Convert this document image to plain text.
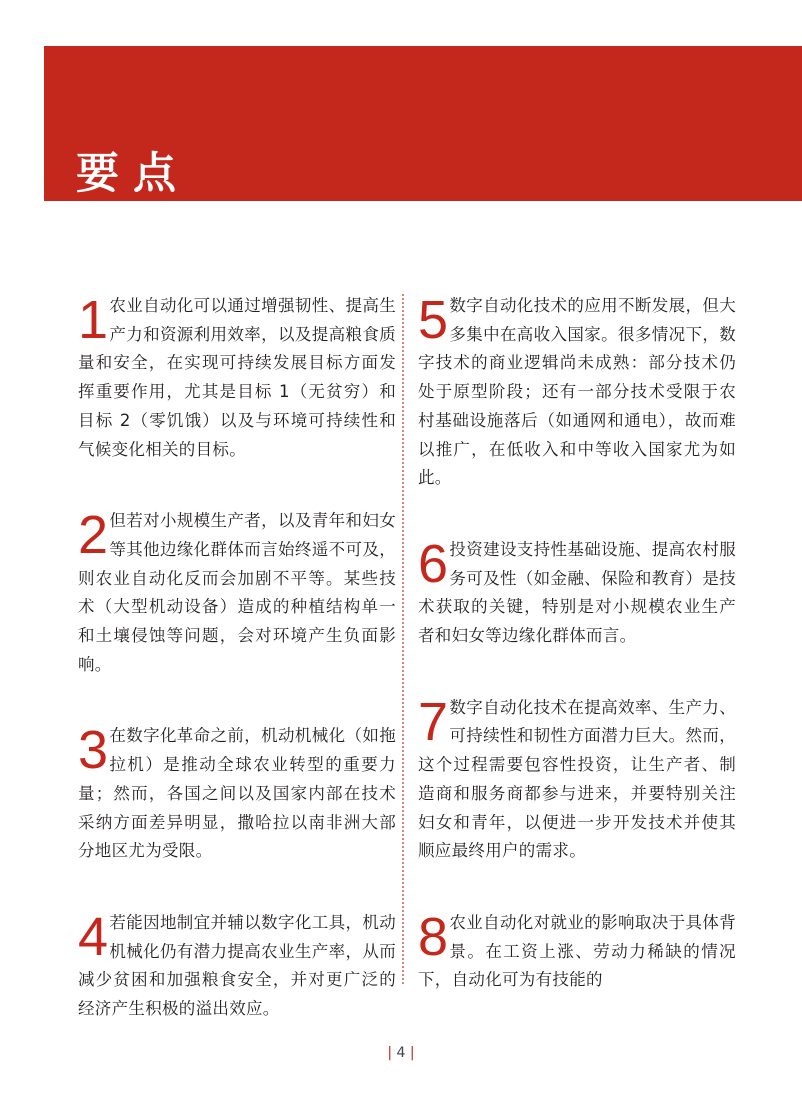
要点
1 农业自动化可以通过增强韧性、提高生产力和资源利用效率，以及提高粮食质量和安全，在实现可持续发展目标方面发挥重要作用，尤其是目标 1（无贫穷）和目标 2（零饥饿）以及与环境可持续性和气候变化相关的目标。
2 但若对小规模生产者，以及青年和妇女等其他边缘化群体而言始终遥不可及，则农业自动化反而会加剧不平等。某些技术（大型机动设备）造成的种植结构单一和土壤侵蚀等问题，会对环境产生负面影响。
3 在数字化革命之前，机动机械化（如拖拉机）是推动全球农业转型的重要力量；然而，各国之间以及国家内部在技术采纳方面差异明显，撒哈拉以南非洲大部分地区尤为受限。
4 若能因地制宜并辅以数字化工具，机动机械化仍有潜力提高农业生产率，从而减少贫困和加强粮食安全，并对更广泛的经济产生积极的溢出效应。
5 数字自动化技术的应用不断发展，但大多集中在高收入国家。很多情况下，数字技术的商业逻辑尚未成熟：部分技术仍处于原型阶段；还有一部分技术受限于农村基础设施落后（如通网和通电），故而难以推广，在低收入和中等收入国家尤为如此。
6 投资建设支持性基础设施、提高农村服务可及性（如金融、保险和教育）是技术获取的关键，特别是对小规模农业生产者和妇女等边缘化群体而言。
7 数字自动化技术在提高效率、生产力、可持续性和韧性方面潜力巨大。然而，这个过程需要包容性投资，让生产者、制造商和服务商都参与进来，并要特别关注妇女和青年，以便进一步开发技术并使其顺应最终用户的需求。
8 农业自动化对就业的影响取决于具体背景。在工资上涨、劳动力稀缺的情况下，自动化可为有技能的
| 4 |
